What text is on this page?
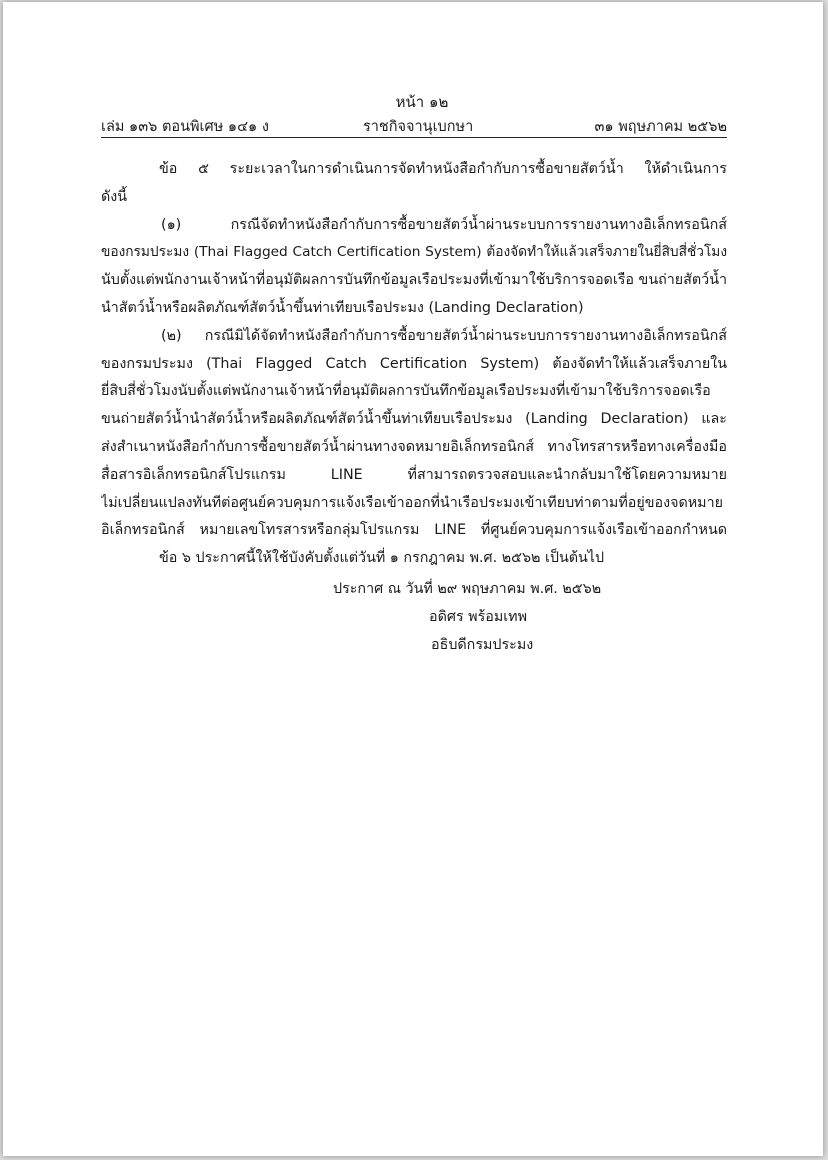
หน้า ๑๒
เล่ม ๑๓๖ ตอนพิเศษ ๑๔๑ ง	ราชกิจจานุเบกษา	๓๑ พฤษภาคม ๒๕๖๒
ข้อ ๕ ระยะเวลาในการดำเนินการจัดทำหนังสือกำกับการซื้อขายสัตว์น้ำ ให้ดำเนินการ
ดังนี้
(๑) กรณีจัดทำหนังสือกำกับการซื้อขายสัตว์น้ำผ่านระบบการรายงานทางอิเล็กทรอนิกส์
ของกรมประมง (Thai Flagged Catch Certification System) ต้องจัดทำให้แล้วเสร็จภายในยี่สิบสี่ชั่วโมง
นับตั้งแต่พนักงานเจ้าหน้าที่อนุมัติผลการบันทึกข้อมูลเรือประมงที่เข้ามาใช้บริการจอดเรือ ขนถ่ายสัตว์น้ำ
นำสัตว์น้ำหรือผลิตภัณฑ์สัตว์น้ำขึ้นท่าเทียบเรือประมง (Landing Declaration)
(๒) กรณีมิได้จัดทำหนังสือกำกับการซื้อขายสัตว์น้ำผ่านระบบการรายงานทางอิเล็กทรอนิกส์
ของกรมประมง (Thai Flagged Catch Certification System) ต้องจัดทำให้แล้วเสร็จภายใน
ยี่สิบสี่ชั่วโมงนับตั้งแต่พนักงานเจ้าหน้าที่อนุมัติผลการบันทึกข้อมูลเรือประมงที่เข้ามาใช้บริการจอดเรือ
ขนถ่ายสัตว์น้ำนำสัตว์น้ำหรือผลิตภัณฑ์สัตว์น้ำขึ้นท่าเทียบเรือประมง (Landing Declaration) และ
ส่งสำเนาหนังสือกำกับการซื้อขายสัตว์น้ำผ่านทางจดหมายอิเล็กทรอนิกส์ ทางโทรสารหรือทางเครื่องมือ
สื่อสารอิเล็กทรอนิกส์โปรแกรม LINE ที่สามารถตรวจสอบและนำกลับมาใช้โดยความหมาย
ไม่เปลี่ยนแปลงทันทีต่อศูนย์ควบคุมการแจ้งเรือเข้าออกที่นำเรือประมงเข้าเทียบท่าตามที่อยู่ของจดหมาย
อิเล็กทรอนิกส์ หมายเลขโทรสารหรือกลุ่มโปรแกรม LINE ที่ศูนย์ควบคุมการแจ้งเรือเข้าออกกำหนด
ข้อ ๖ ประกาศนี้ให้ใช้บังคับตั้งแต่วันที่ ๑ กรกฎาคม พ.ศ. ๒๕๖๒ เป็นต้นไป
ประกาศ ณ วันที่ ๒๙ พฤษภาคม พ.ศ. ๒๕๖๒
อดิศร พร้อมเทพ
อธิบดีกรมประมง
